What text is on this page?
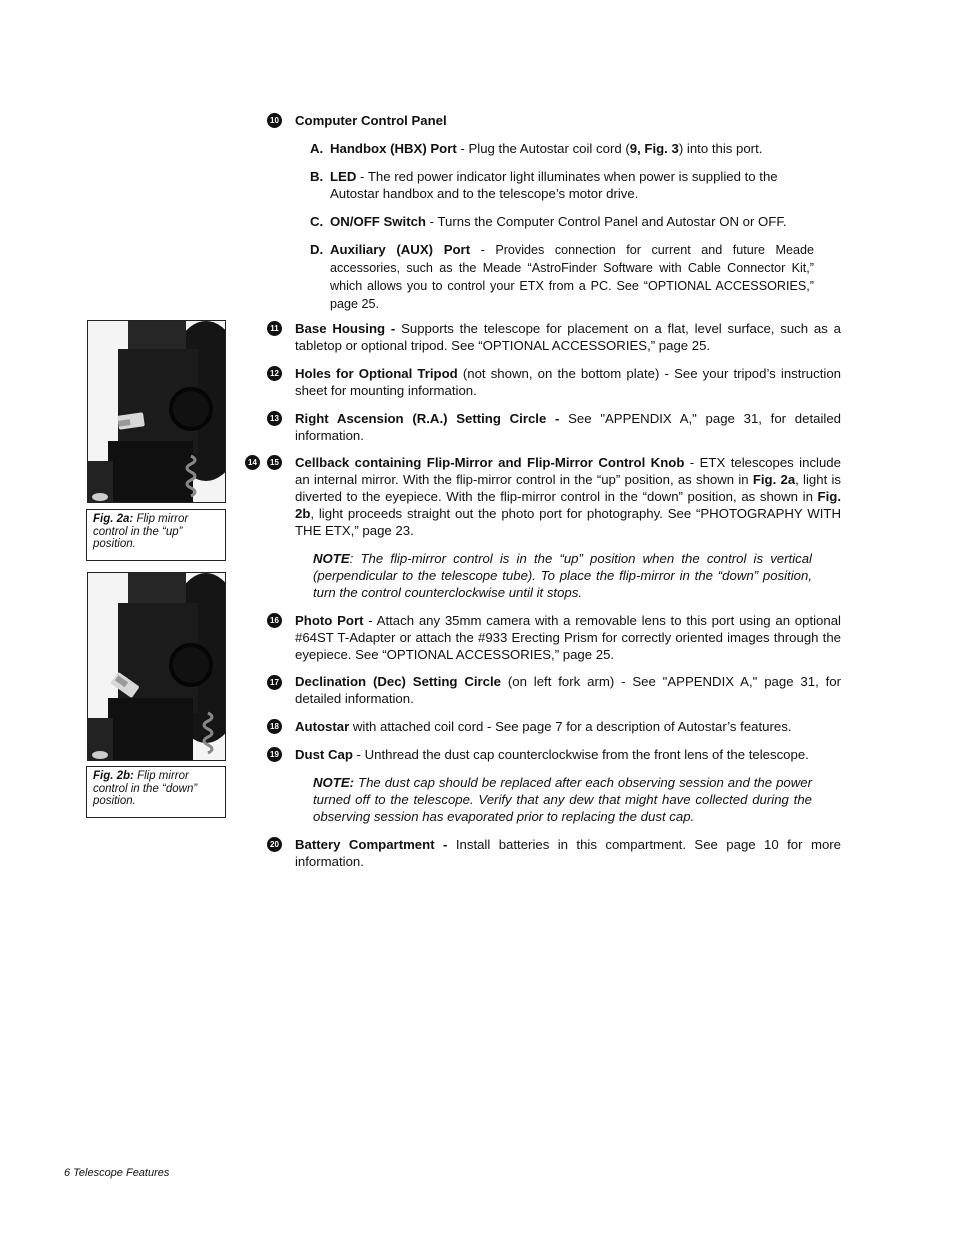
10 Computer Control Panel
A. Handbox (HBX) Port - Plug the Autostar coil cord (9, Fig. 3) into this port.
B. LED - The red power indicator light illuminates when power is supplied to the Autostar handbox and to the telescope’s motor drive.
C. ON/OFF Switch - Turns the Computer Control Panel and Autostar ON or OFF.
D. Auxiliary (AUX) Port - Provides connection for current and future Meade accessories, such as the Meade “AstroFinder Software with Cable Connector Kit,” which allows you to control your ETX from a PC. See “OPTIONAL ACCESSORIES,” page 25.
11 Base Housing - Supports the telescope for placement on a flat, level surface, such as a tabletop or optional tripod. See “OPTIONAL ACCESSORIES,” page 25.
12 Holes for Optional Tripod (not shown, on the bottom plate) - See your tripod’s instruction sheet for mounting information.
13 Right Ascension (R.A.) Setting Circle - See "APPENDIX A," page 31, for detailed information.
14	15 Cellback containing Flip-Mirror and Flip-Mirror Control Knob - ETX telescopes include an internal mirror. With the flip-mirror control in the “up” position, as shown in Fig. 2a, light is diverted to the eyepiece. With the flip-mirror control in the “down” position, as shown in Fig. 2b, light proceeds straight out the photo port for photography. See “PHOTOGRAPHY WITH THE ETX,” page 23.
NOTE: The flip-mirror control is in the “up” position when the control is vertical (perpendicular to the telescope tube). To place the flip-mirror in the “down” position, turn the control counterclockwise until it stops.
16 Photo Port - Attach any 35mm camera with a removable lens to this port using an optional #64ST T-Adapter or attach the #933 Erecting Prism for correctly oriented images through the eyepiece. See “OPTIONAL ACCESSORIES,” page 25.
17 Declination (Dec) Setting Circle (on left fork arm) - See "APPENDIX A," page 31, for detailed information.
18 Autostar with attached coil cord - See page 7 for a description of Autostar’s features.
19 Dust Cap - Unthread the dust cap counterclockwise from the front lens of the telescope.
NOTE: The dust cap should be replaced after each observing session and the power turned off to the telescope. Verify that any dew that might have collected during the observing session has evaporated prior to replacing the dust cap.
20 Battery Compartment - Install batteries in this compartment. See page 10 for more information.
Fig. 2a: Flip mirror control in the “up” position.
Fig. 2b: Flip mirror control in the “down” position.
6 Telescope Features
